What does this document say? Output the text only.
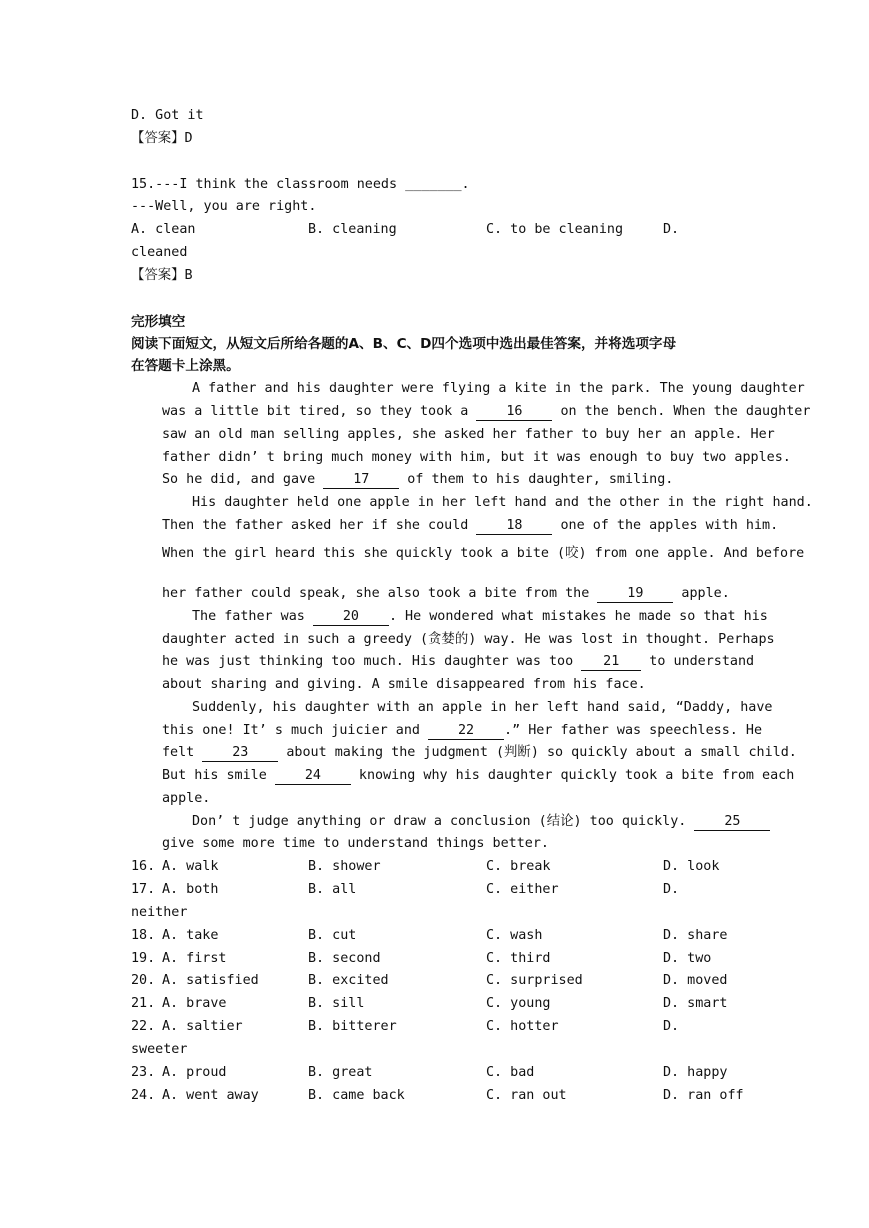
D. Got it
【答案】D
15.---I think the classroom needs _______.
---Well, you are right.
A. clean	B. cleaning	C. to be cleaning	D.
cleaned
【答案】B
完形填空
阅读下面短文，从短文后所给各题的A、B、C、D四个选项中选出最佳答案，并将选项字母
在答题卡上涂黑。
A father and his daughter were flying a kite in the park. The young daughter
was a little bit tired, so they took a 16 on the bench. When the daughter
saw an old man selling apples, she asked her father to buy her an apple. Her
father didn’ t bring much money with him, but it was enough to buy two apples.
So he did, and gave 17 of them to his daughter, smiling.
His daughter held one apple in her left hand and the other in the right hand.
Then the father asked her if she could 18 one of the apples with him.
When the girl heard this she quickly took a bite (咬) from one apple. And before
her father could speak, she also took a bite from the 19 apple.
The father was 20 . He wondered what mistakes he made so that his
daughter acted in such a greedy (贪婪的) way. He was lost in thought. Perhaps
he was just thinking too much. His daughter was too 21 to understand
about sharing and giving. A smile disappeared from his face.
Suddenly, his daughter with an apple in her left hand said, “Daddy, have
this one! It’ s much juicier and 22 .” Her father was speechless. He
felt 23 about making the judgment (判断) so quickly about a small child.
But his smile 24 knowing why his daughter quickly took a bite from each
apple.
Don’ t judge anything or draw a conclusion (结论) too quickly. 25
give some more time to understand things better.
16. A. walk	B. shower	C. break	D. look
17. A. both	B. all	C. either	D.
neither
18. A. take	B. cut	C. wash	D. share
19. A. first	B. second	C. third	D. two
20. A. satisfied	B. excited	C. surprised	D. moved
21. A. brave	B. sill	C. young	D. smart
22. A. saltier	B. bitterer	C. hotter	D.
sweeter
23. A. proud	B. great	C. bad	D. happy
24. A. went away	B. came back	C. ran out	D. ran off
